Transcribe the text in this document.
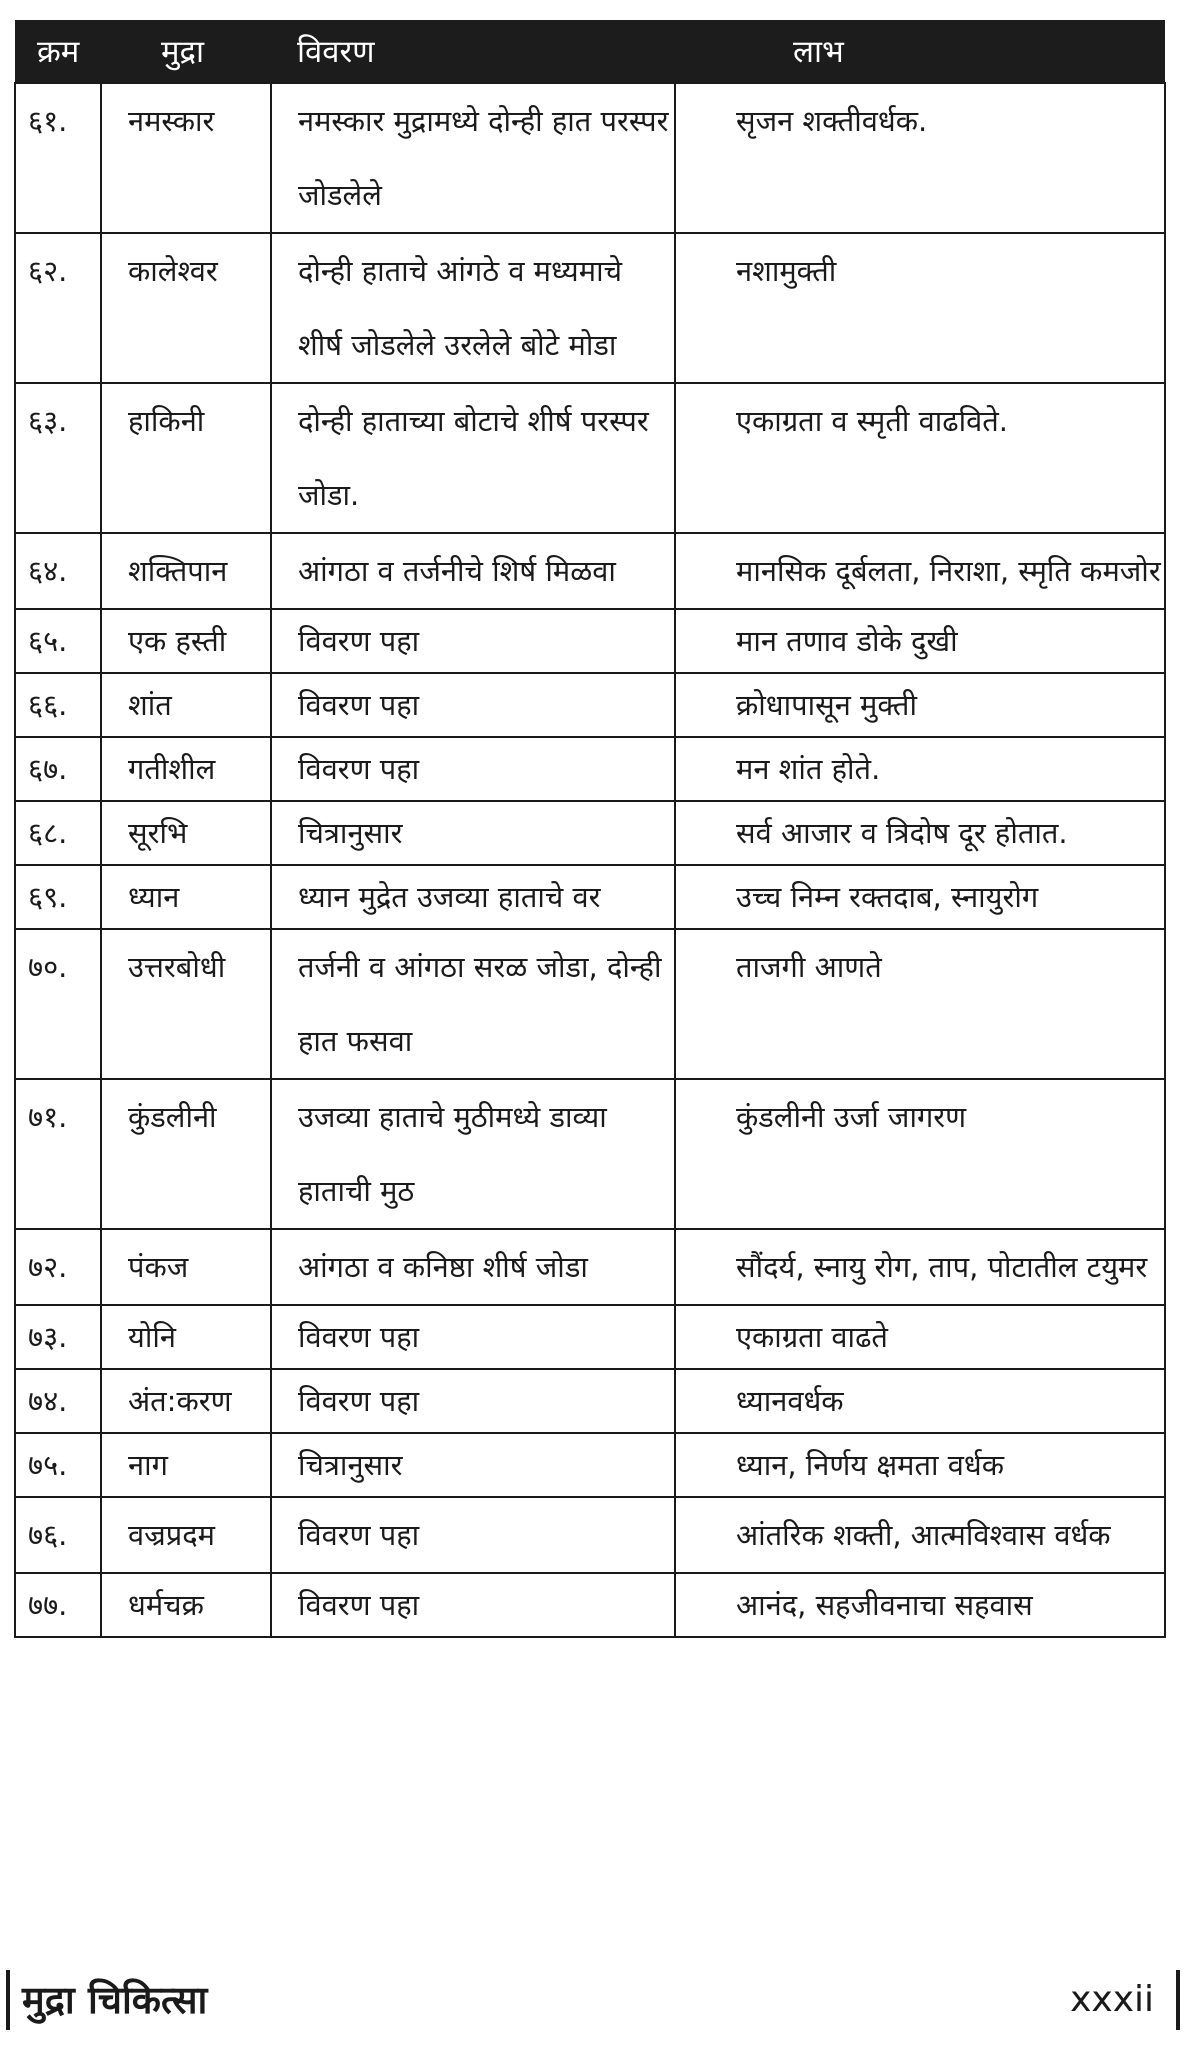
क्रम	मुद्रा	विवरण	लाभ
६१.	नमस्कार	नमस्कार मुद्रामध्ये दोन्ही हात परस्पर जोडलेले	सृजन शक्तीवर्धक.
६२.	कालेश्वर	दोन्ही हाताचे आंगठे व मध्यमाचे शीर्ष जोडलेले उरलेले बोटे मोडा	नशामुक्ती
६३.	हाकिनी	दोन्ही हाताच्या बोटाचे शीर्ष परस्पर जोडा.	एकाग्रता व स्मृती वाढविते.
६४.	शक्तिपान	आंगठा व तर्जनीचे शिर्ष मिळवा	मानसिक दूर्बलता, निराशा, स्मृति कमजोर
६५.	एक हस्ती	विवरण पहा	मान तणाव डोके दुखी
६६.	शांत	विवरण पहा	क्रोधापासून मुक्ती
६७.	गतीशील	विवरण पहा	मन शांत होते.
६८.	सूरभि	चित्रानुसार	सर्व आजार व त्रिदोष दूर होतात.
६९.	ध्यान	ध्यान मुद्रेत उजव्या हाताचे वर	उच्च निम्न रक्तदाब, स्नायुरोग
७०.	उत्तरबोधी	तर्जनी व आंगठा सरळ जोडा, दोन्ही हात फसवा	ताजगी आणते
७१.	कुंडलीनी	उजव्या हाताचे मुठीमध्ये डाव्या हाताची मुठ	कुंडलीनी उर्जा जागरण
७२.	पंकज	आंगठा व कनिष्ठा शीर्ष जोडा	सौंदर्य, स्नायु रोग, ताप, पोटातील टयुमर
७३.	योनि	विवरण पहा	एकाग्रता वाढते
७४.	अंत:करण	विवरण पहा	ध्यानवर्धक
७५.	नाग	चित्रानुसार	ध्यान, निर्णय क्षमता वर्धक
७६.	वज्रप्रदम	विवरण पहा	आंतरिक शक्ती, आत्मविश्वास वर्धक
७७.	धर्मचक्र	विवरण पहा	आनंद, सहजीवनाचा सहवास
मुद्रा चिकित्सा	xxxii
